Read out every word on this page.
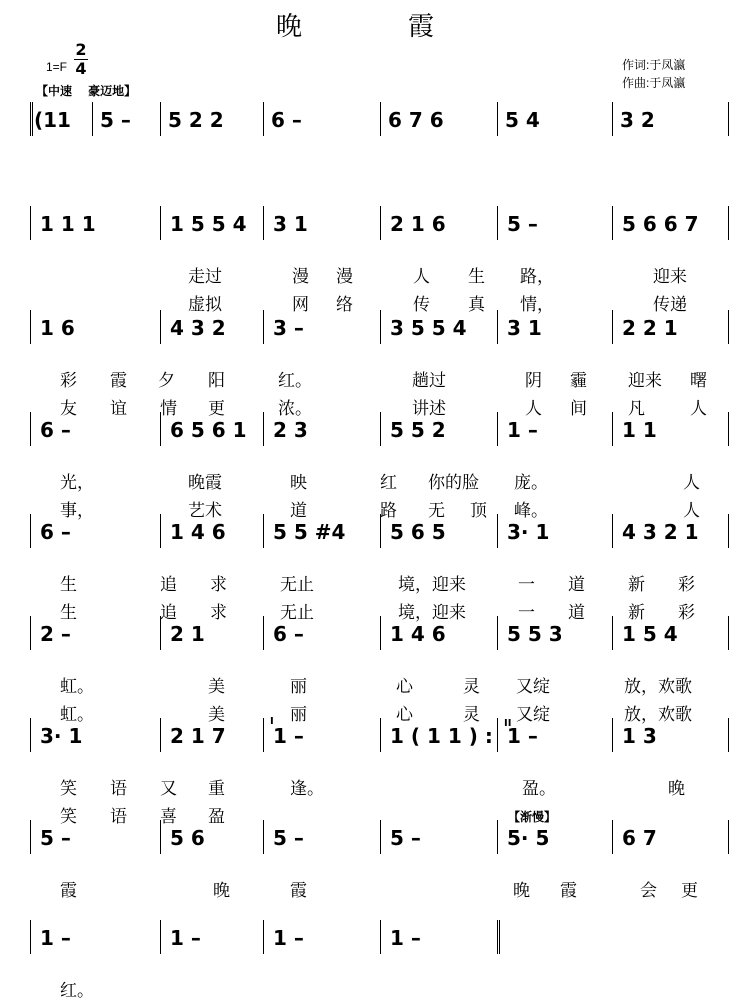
晚　霞
1=F
2
4
【中速　 豪迈地】
作词:于凤瀛
作曲:于凤瀛
【渐慢】
I	II
(11 5 – 5 2 2 6 –	6 7 6	5 4	3 2
1 1 1	1 5 5 4 3 1	2 1 6	5 –	5 6 6 7
走过	漫 漫	人 生 路，	迎来
虚拟	网 络	传 真 情，	传递
1 6	4 3 2 3 –	3 5 5 4 3 1	2 2 1
彩 霞 夕 阳	红。	趟过	阴 霾 迎来 曙
友 谊 情 更	浓。	讲述	人 间 凡	人
6 –	6 5 6 1 2 3	5 5 2	1 –	1 1
光，	晚霞	映	红 你的脸 庞。	人
事，	艺术	道	路 无 顶 峰。	人
6 –	1 4 6 5 5 #4 5 6 5	3· 1	4 3 2 1
生	追 求	无止	境，迎来	一 道	新 彩
生	追 求	无止	境，迎来	一 道	新 彩
2 –	2 1	6 –	1 4 6	5 5 3	1 5 4
虹。	美	丽	心	灵 又绽	放，欢歌
虹。	美	丽	心	灵 又绽	放，欢歌
3· 1	2 1 7 1 –	1 ( 1 1 ) : 1 –	1 3
笑 语 又 重	逢。	盈。	晚
笑 语 喜 盈
5 –	5 6	5 –	5 –	5· 5	6 7
霞	晚	霞	晚 霞	会 更
1 –	1 –	1 –	1 –
红。
